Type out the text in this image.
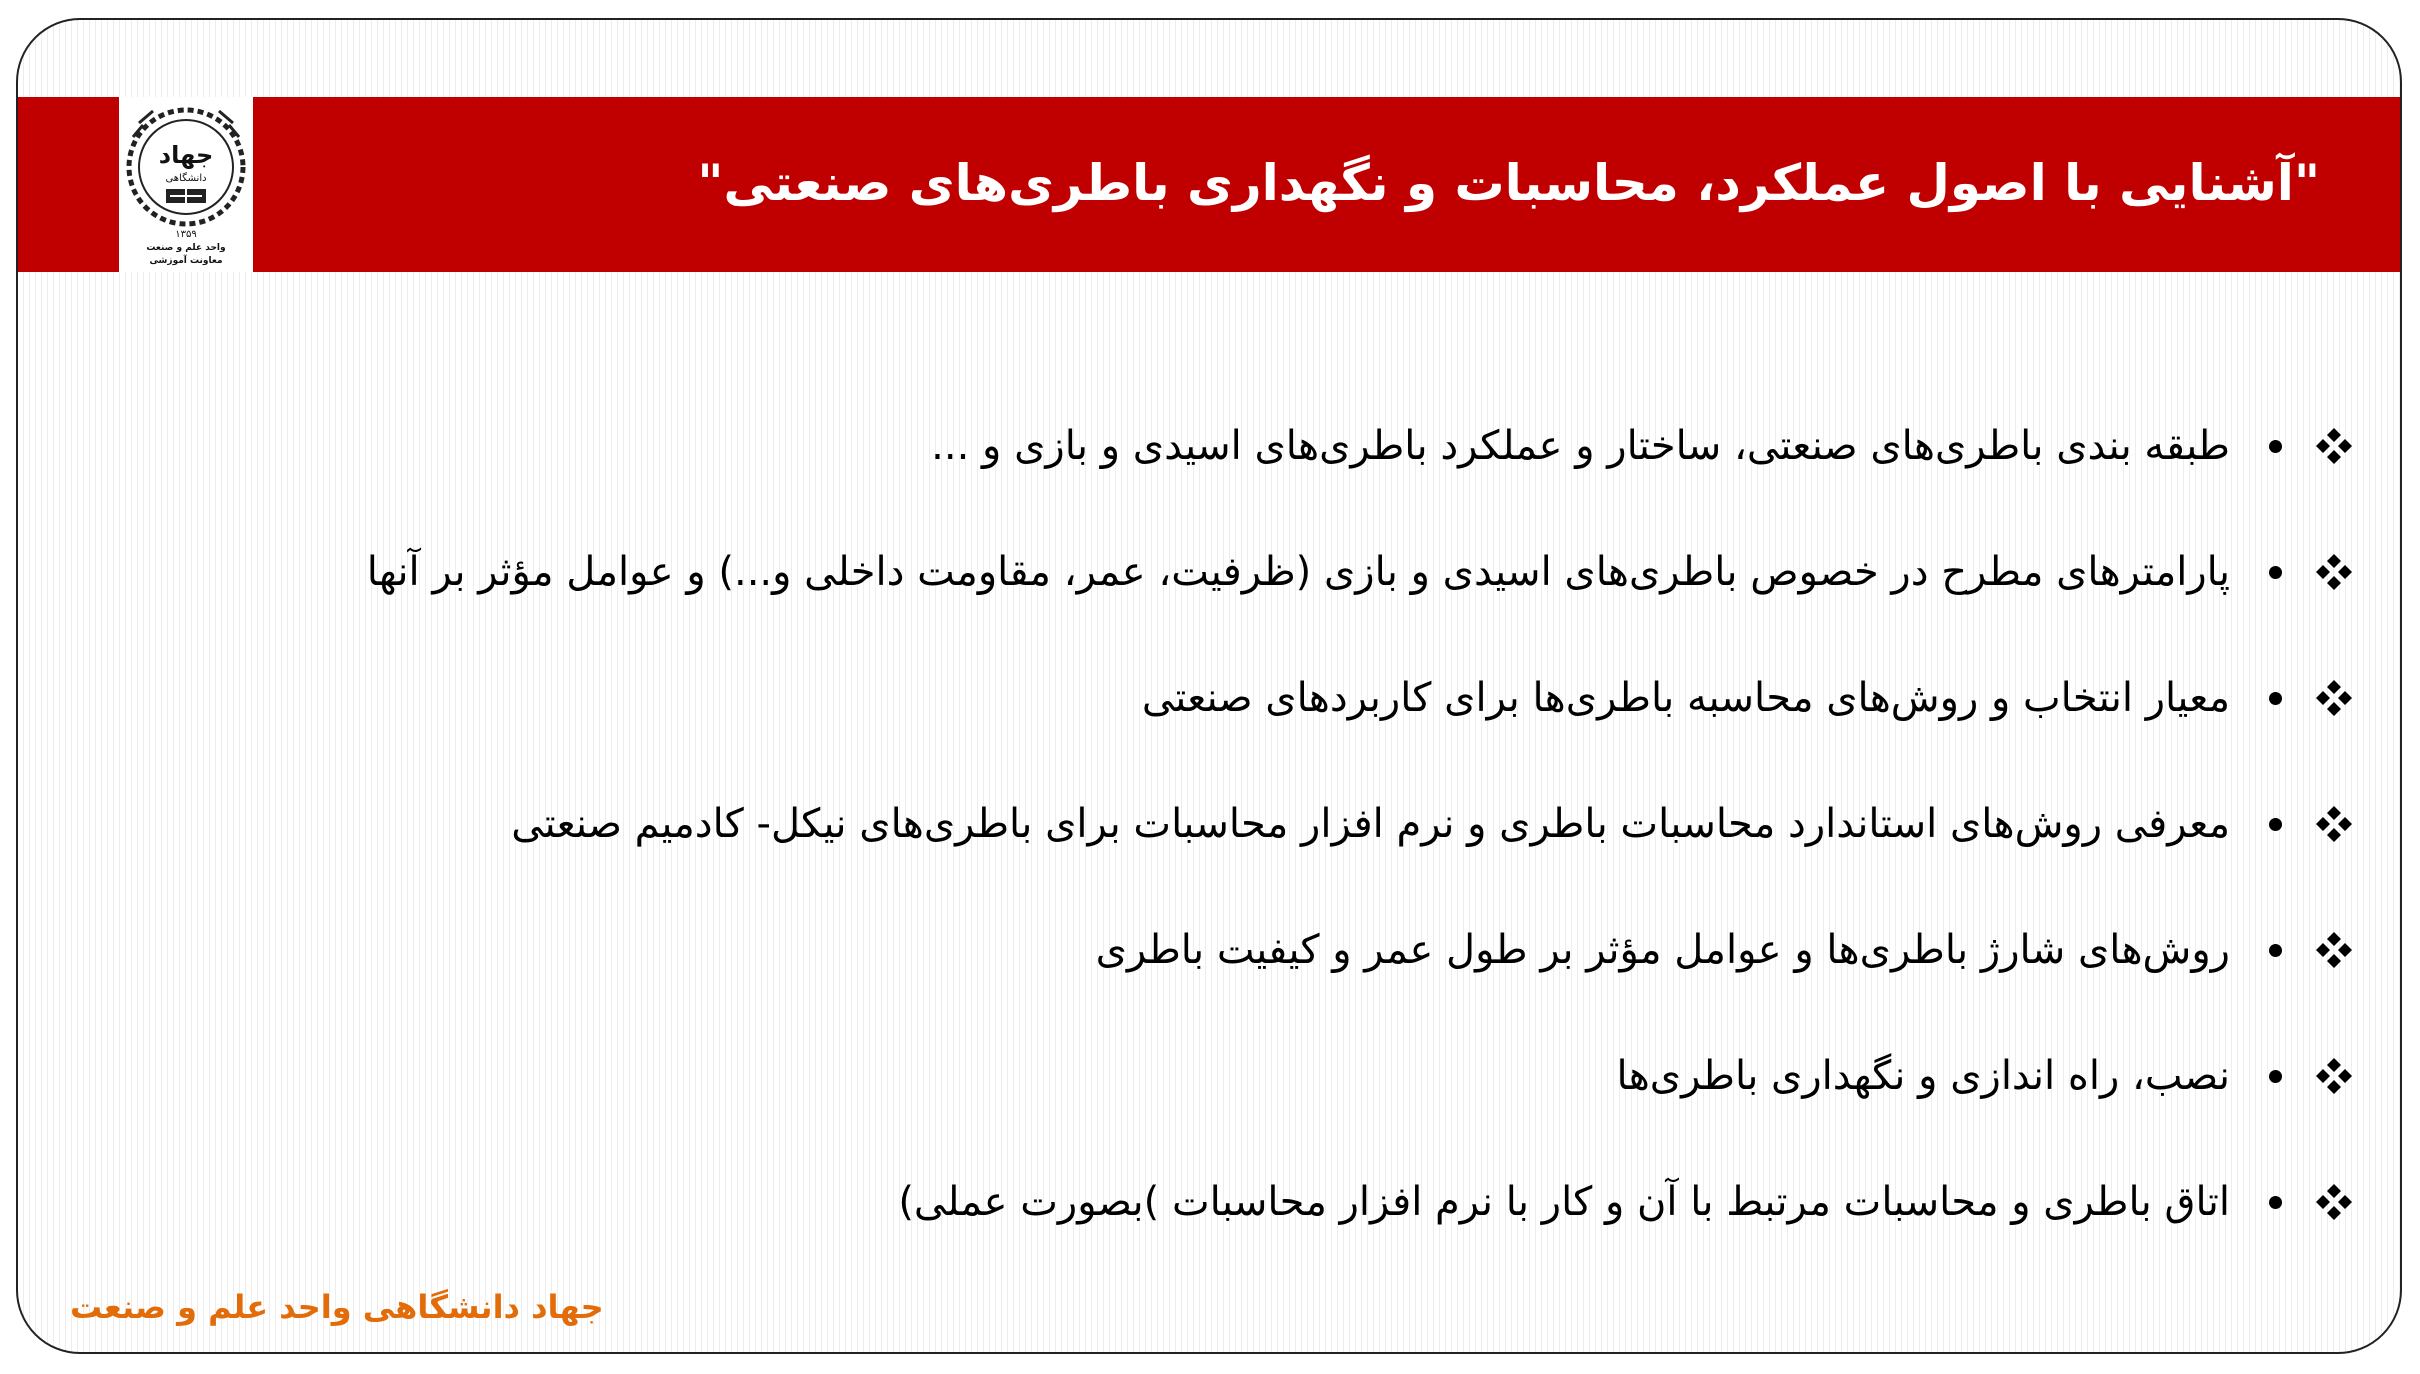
جهاد
دانشگاهی
۱۳۵۹
واحد علم و صنعت
معاونت آموزشی
"آشنایی با اصول عملکرد، محاسبات و نگهداری باطری‌های صنعتی"
طبقه بندی باطری‌های صنعتی، ساختار و عملکرد باطری‌های اسیدی و بازی و ...
پارامترهای مطرح در خصوص باطری‌های اسیدی و بازی (ظرفیت، عمر، مقاومت داخلی و...) و عوامل مؤثر بر آنها
معیار انتخاب و روش‌های محاسبه باطری‌ها برای کاربردهای صنعتی
معرفی روش‌های استاندارد محاسبات باطری و نرم افزار محاسبات برای باطری‌های نیکل- کادمیم صنعتی
روش‌های شارژ باطری‌ها و عوامل مؤثر بر طول عمر و کیفیت باطری
نصب، راه اندازی و نگهداری باطری‌ها
اتاق باطری و محاسبات مرتبط با آن و کار با نرم افزار محاسبات )بصورت عملی)
جهاد دانشگاهی واحد علم و صنعت
